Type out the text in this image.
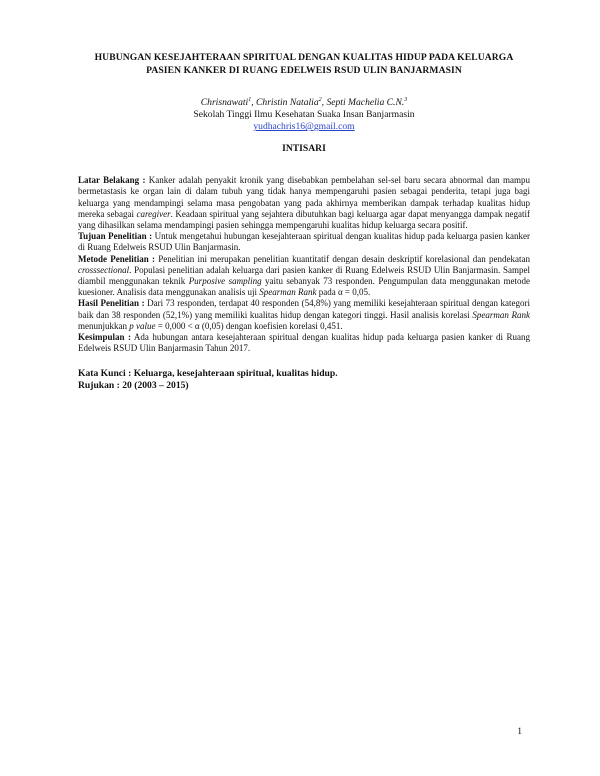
HUBUNGAN KESEJAHTERAAN SPIRITUAL DENGAN KUALITAS HIDUP PADA KELUARGA
PASIEN KANKER DI RUANG EDELWEIS RSUD ULIN BANJARMASIN

Chrisnawati$^1$, Christin Natalia$^2$, Septi Machelia C.N.$^3$
Sekolah Tinggi Ilmu Kesehatan Suaka Insan Banjarmasin
yudhachris16@gmail.com
INTISARI

Latar Belakang : Kanker adalah penyakit kronik yang disebabkan pembelahan sel-sel baru secara abnormal dan mampu bermetastasis ke organ lain di dalam tubuh yang tidak hanya mempengaruhi pasien sebagai penderita, tetapi juga bagi keluarga yang mendampingi selama masa pengobatan yang pada akhirnya memberikan dampak terhadap kualitas hidup mereka sebagai caregiver. Keadaan spiritual yang sejahtera dibutuhkan bagi keluarga agar dapat menyangga dampak negatif yang dihasilkan selama mendampingi pasien sehingga mempengaruhi kualitas hidup keluarga secara positif.

Tujuan Penelitian : Untuk mengetahui hubungan kesejahteraan spiritual dengan kualitas hidup pada keluarga pasien kanker di Ruang Edelweis RSUD Ulin Banjarmasin.

Metode Penelitian : Penelitian ini merupakan penelitian kuantitatif dengan desain deskriptif korelasional dan pendekatan crosssectional. Populasi penelitian adalah keluarga dari pasien kanker di Ruang Edelweis RSUD Ulin Banjarmasin. Sampel diambil menggunakan teknik Purposive sampling yaitu sebanyak 73 responden. Pengumpulan data menggunakan metode kuesioner. Analisis data menggunakan analisis uji Spearman Rank pada α = 0,05.

Hasil Penelitian : Dari 73 responden, terdapat 40 responden (54,8%) yang memiliki kesejahteraan spiritual dengan kategori baik dan 38 responden (52,1%) yang memiliki kualitas hidup dengan kategori tinggi. Hasil analisis korelasi Spearman Rank menunjukkan p value = 0,000 < α (0,05) dengan koefisien korelasi 0,451.

Kesimpulan : Ada hubungan antara kesejahteraan spiritual dengan kualitas hidup pada keluarga pasien kanker di Ruang Edelweis RSUD Ulin Banjarmasin Tahun 2017.

Kata Kunci : Keluarga, kesejahteraan spiritual, kualitas hidup.
Rujukan : 20 (2003 – 2015)
1
